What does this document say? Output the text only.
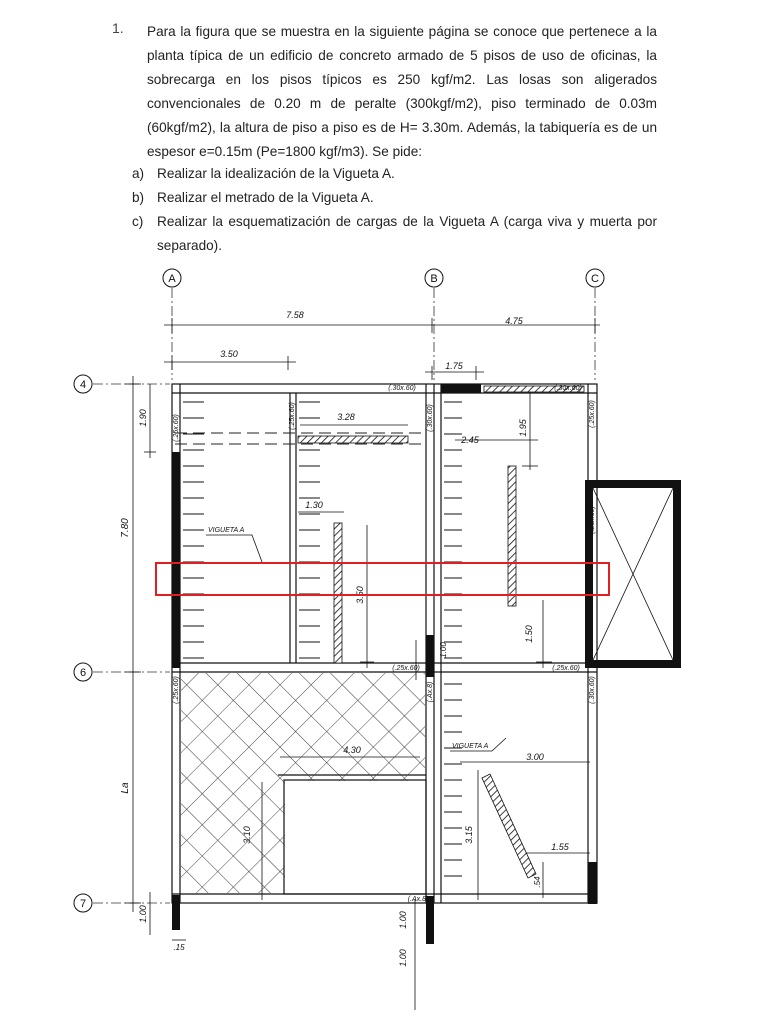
1. Para la figura que se muestra en la siguiente página se conoce que pertenece a la planta típica de un edificio de concreto armado de 5 pisos de uso de oficinas, la sobrecarga en los pisos típicos es 250 kgf/m2. Las losas son aligerados convencionales de 0.20 m de peralte (300kgf/m2), piso terminado de 0.03m (60kgf/m2), la altura de piso a piso es de H= 3.30m. Además, la tabiquería es de un espesor e=0.15m (Pe=1800 kgf/m3). Se pide:
a) Realizar la idealización de la Vigueta A.
b) Realizar el metrado de la Vigueta A.
c)	Realizar la esquematización de cargas de la Vigueta A (carga viva y muerta por separado).
A	B	C
4
6
7
7.58
4.75
3.50
1.75
1.90	3.28
2.45
1.95
7.80
1.30
3.50
1.50
1.00
La
3.00
3.15
1.55
.54
1.00	1.00
1.00
.15
(.30x.60)	(.30x.60)
(.25x.60)	(.25x.60)	(.30x.60)	(.25x.60)
(.25x.60)
(.25x.60)	(.25x.60)
(.25x.60)	(.30x.60)
(.Ax.8)
(.Ax.8)
VIGUETA A
VIGUETA A
